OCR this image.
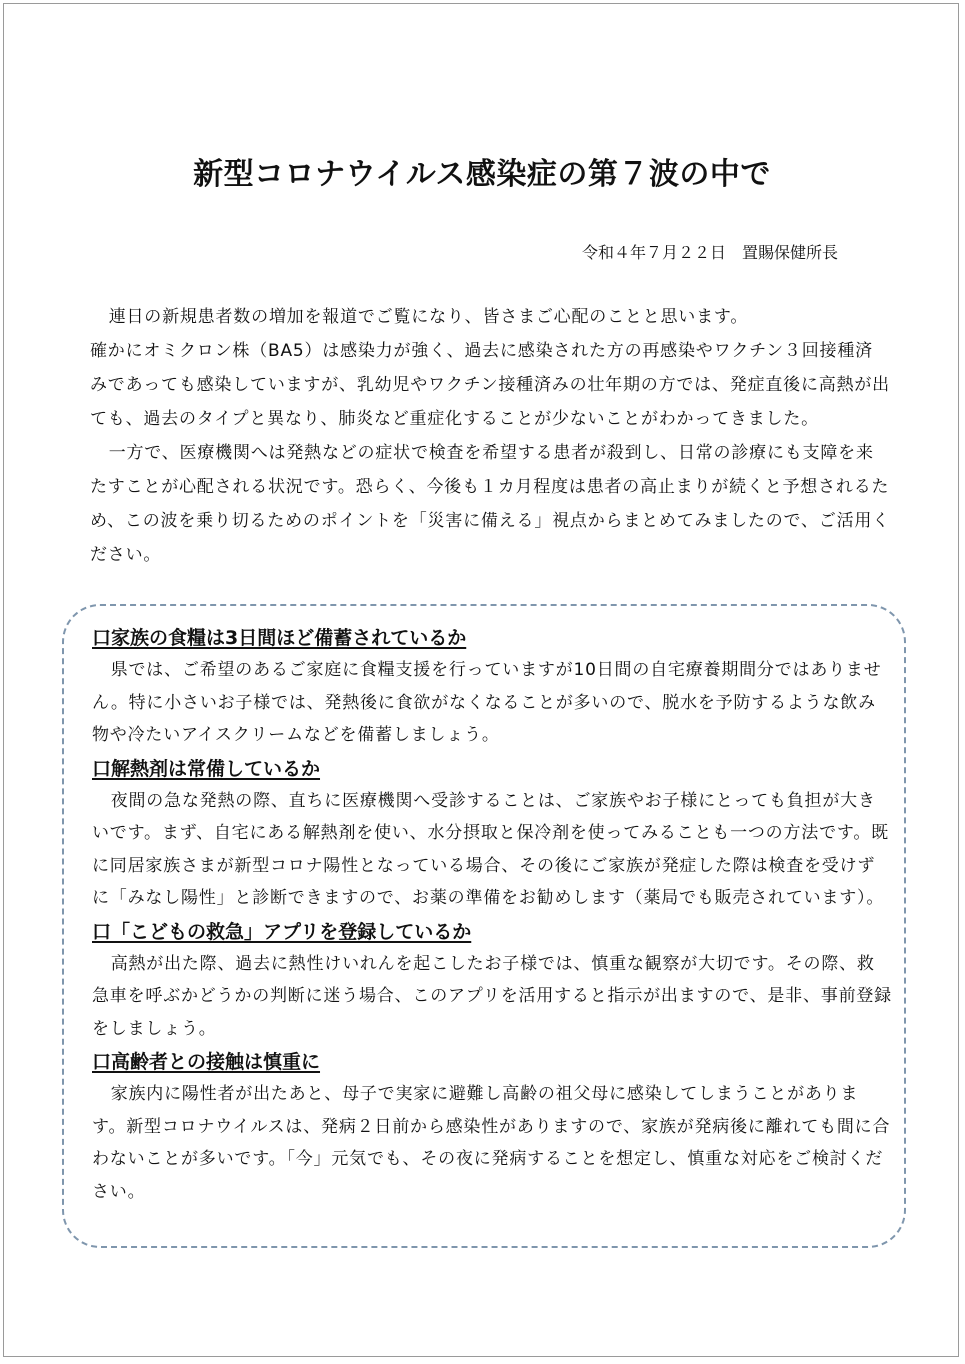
新型コロナウイルス感染症の第７波の中で
令和４年７月２２日　置賜保健所長

連日の新規患者数の増加を報道でご覧になり、皆さまご心配のことと思います。

確かにオミクロン株（BA5）は感染力が強く、過去に感染された方の再感染やワクチン３回接種済みであっても感染していますが、乳幼児やワクチン接種済みの壮年期の方では、発症直後に高熱が出ても、過去のタイプと異なり、肺炎など重症化することが少ないことがわかってきました。

一方で、医療機関へは発熱などの症状で検査を希望する患者が殺到し、日常の診療にも支障を来たすことが心配される状況です。恐らく、今後も１カ月程度は患者の高止まりが続くと予想されるため、この波を乗り切るためのポイントを「災害に備える」視点からまとめてみましたので、ご活用ください。

口家族の食糧は3日間ほど備蓄されているか

県では、ご希望のあるご家庭に食糧支援を行っていますが10日間の自宅療養期間分ではありません。特に小さいお子様では、発熱後に食欲がなくなることが多いので、脱水を予防するような飲み物や冷たいアイスクリームなどを備蓄しましょう。

口解熱剤は常備しているか

夜間の急な発熱の際、直ちに医療機関へ受診することは、ご家族やお子様にとっても負担が大きいです。まず、自宅にある解熱剤を使い、水分摂取と保冷剤を使ってみることも一つの方法です。既に同居家族さまが新型コロナ陽性となっている場合、その後にご家族が発症した際は検査を受けずに「みなし陽性」と診断できますので、お薬の準備をお勧めします（薬局でも販売されています）。

口「こどもの救急」アプリを登録しているか

高熱が出た際、過去に熱性けいれんを起こしたお子様では、慎重な観察が大切です。その際、救急車を呼ぶかどうかの判断に迷う場合、このアプリを活用すると指示が出ますので、是非、事前登録をしましょう。

口高齢者との接触は慎重に

家族内に陽性者が出たあと、母子で実家に避難し高齢の祖父母に感染してしまうことがあります。新型コロナウイルスは、発病２日前から感染性がありますので、家族が発病後に離れても間に合わないことが多いです。「今」元気でも、その夜に発病することを想定し、慎重な対応をご検討ください。
